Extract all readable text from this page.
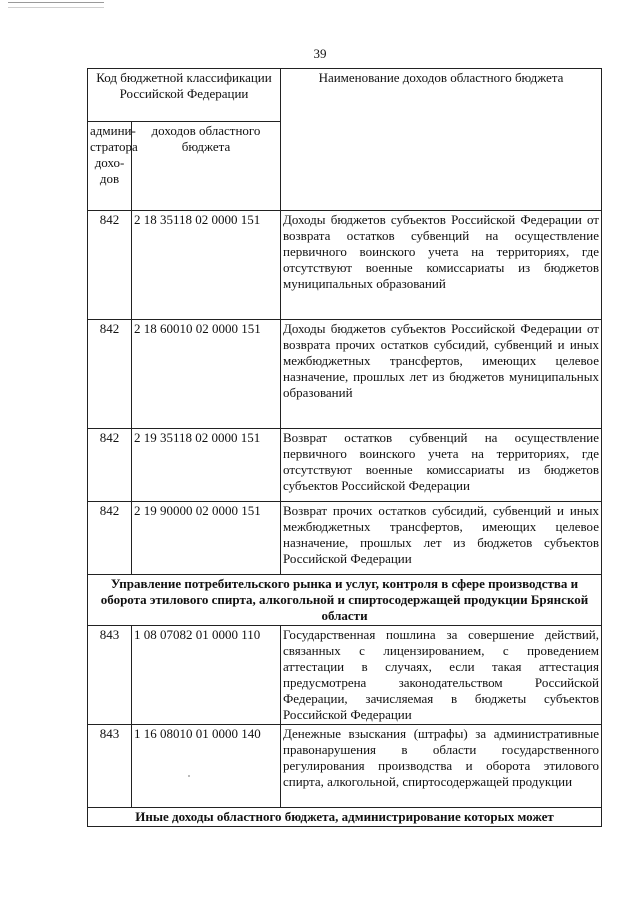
39
Код бюджетной классификации Российской Федерации		Наименование доходов областного бюджета
админи-стратора дохо-дов	доходов областного бюджета	
842	2 18 35118 02 0000 151	Доходы бюджетов субъектов Российской Федерации от возврата остатков субвенций на осуществление первичного воинского учета на территориях, где отсутствуют военные комиссариаты из бюджетов муниципальных образований
842	2 18 60010 02 0000 151	Доходы бюджетов субъектов Российской Федерации от возврата прочих остатков субсидий, субвенций и иных межбюджетных трансфертов, имеющих целевое назначение, прошлых лет из бюджетов муниципальных образований
842	2 19 35118 02 0000 151	Возврат остатков субвенций на осуществление первичного воинского учета на территориях, где отсутствуют военные комиссариаты из бюджетов субъектов Российской Федерации
842	2 19 90000 02 0000 151	Возврат прочих остатков субсидий, субвенций и иных межбюджетных трансфертов, имеющих целевое назначение, прошлых лет из бюджетов субъектов Российской Федерации
Управление потребительского рынка и услуг, контроля в сфере производства и оборота этилового спирта, алкогольной и спиртосодержащей продукции Брянской области		
843	1 08 07082 01 0000 110	Государственная пошлина за совершение действий, связанных с лицензированием, с проведением аттестации в случаях, если такая аттестация предусмотрена законодательством Российской Федерации, зачисляемая в бюджеты субъектов Российской Федерации
843	1 16 08010 01 0000 140	Денежные взыскания (штрафы) за административные правонарушения в области государственного регулирования производства и оборота этилового спирта, алкогольной, спиртосодержащей продукции
Иные доходы областного бюджета, администрирование которых может		
